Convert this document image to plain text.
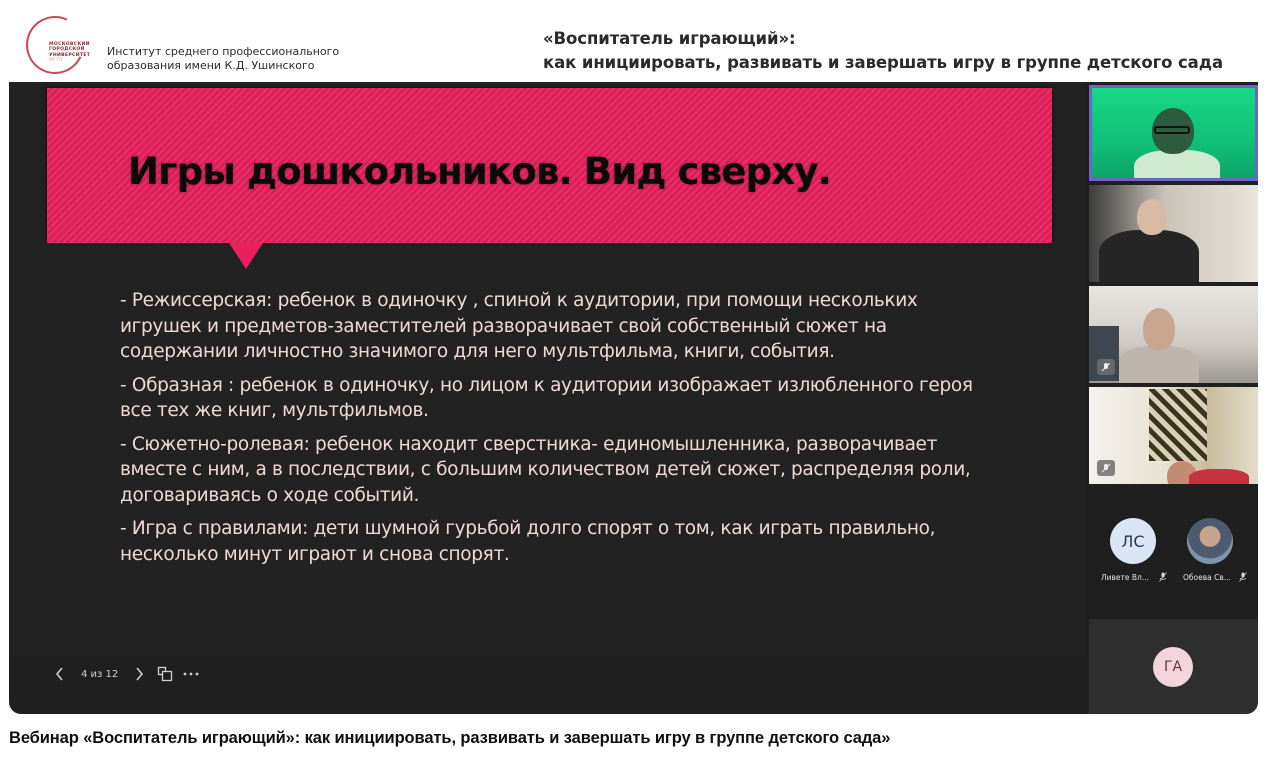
МОСКОВСКИЙ
ГОРОДСКОЙ
УНИВЕРСИТЕТ
МГПУ
Институт среднего профессионального
образования имени К.Д. Ушинского
«Воспитатель играющий»:
как инициировать, развивать и завершать игру в группе детского сада
Игры дошкольников. Вид сверху.

- Режиссерская: ребенок в одиночку , спиной к аудитории, при помощи нескольких игрушек и предметов-заместителей разворачивает свой собственный сюжет на содержании личностно значимого для него мультфильма, книги, события.

- Образная : ребенок в одиночку, но лицом к аудитории изображает излюбленного героя все тех же книг, мультфильмов.

- Сюжетно-ролевая: ребенок находит сверстника- единомышленника, разворачивает вместе с ним, а в последствии, с большим количеством детей сюжет, распределяя роли, договариваясь о ходе событий.

- Игра с правилами: дети шумной гурьбой долго спорят о том, как играть правильно, несколько минут играют и снова спорят.

4 из 12
ЛС
Ливете Вл...	Обоева Св...
ГА
Вебинар «Воспитатель играющий»: как инициировать, развивать и завершать игру в группе детского сада»
